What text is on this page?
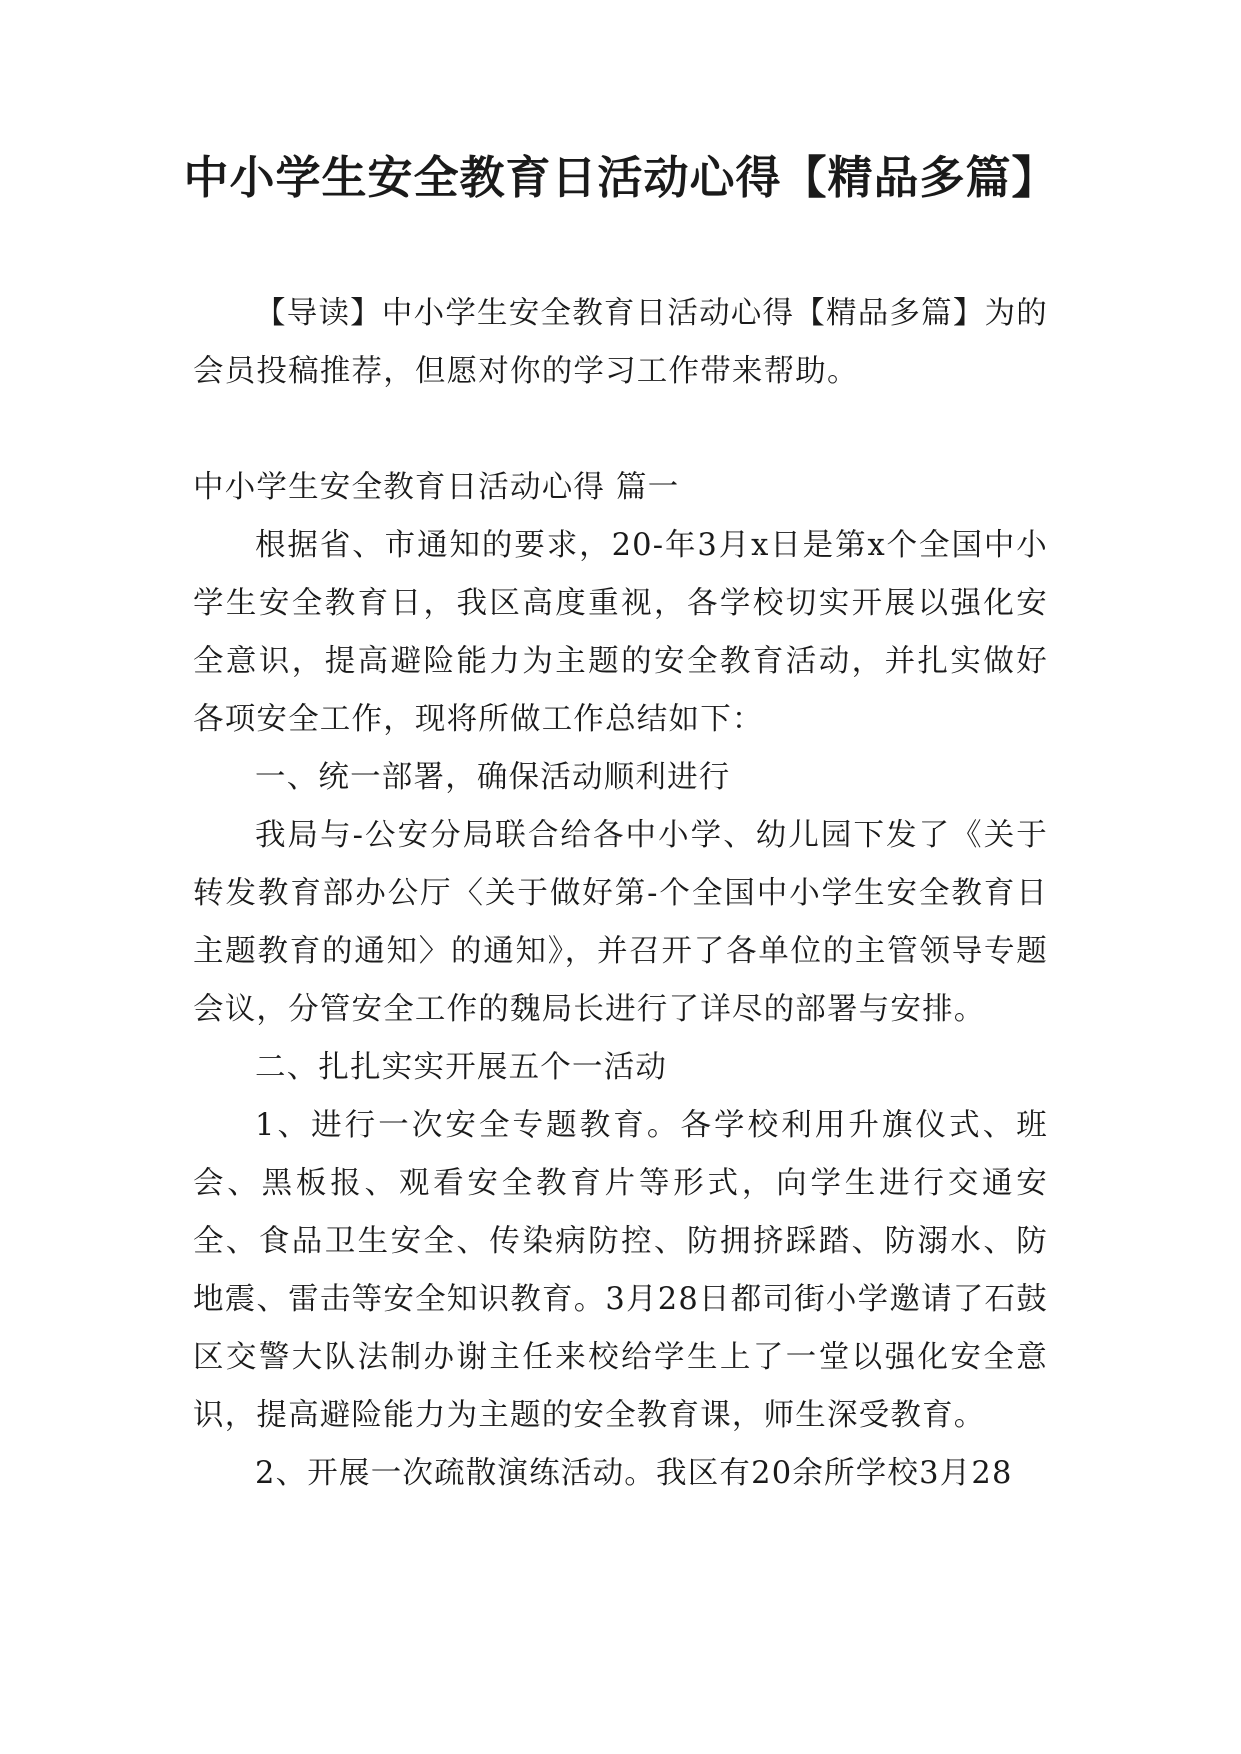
中小学生安全教育日活动心得【精品多篇】

【导读】中小学生安全教育日活动心得【精品多篇】为的会员投稿推荐，但愿对你的学习工作带来帮助。

中小学生安全教育日活动心得 篇一

根据省、市通知的要求，20-年3月x日是第x个全国中小学生安全教育日，我区高度重视，各学校切实开展以强化安全意识，提高避险能力为主题的安全教育活动，并扎实做好各项安全工作，现将所做工作总结如下：

一、统一部署，确保活动顺利进行

我局与-公安分局联合给各中小学、幼儿园下发了《关于转发教育部办公厅〈关于做好第-个全国中小学生安全教育日主题教育的通知〉的通知》，并召开了各单位的主管领导专题会议，分管安全工作的魏局长进行了详尽的部署与安排。

二、扎扎实实开展五个一活动

1、进行一次安全专题教育。各学校利用升旗仪式、班会、黑板报、观看安全教育片等形式，向学生进行交通安全、食品卫生安全、传染病防控、防拥挤踩踏、防溺水、防地震、雷击等安全知识教育。3月28日都司街小学邀请了石鼓区交警大队法制办谢主任来校给学生上了一堂以强化安全意识，提高避险能力为主题的安全教育课，师生深受教育。

2、开展一次疏散演练活动。我区有20余所学校3月28
